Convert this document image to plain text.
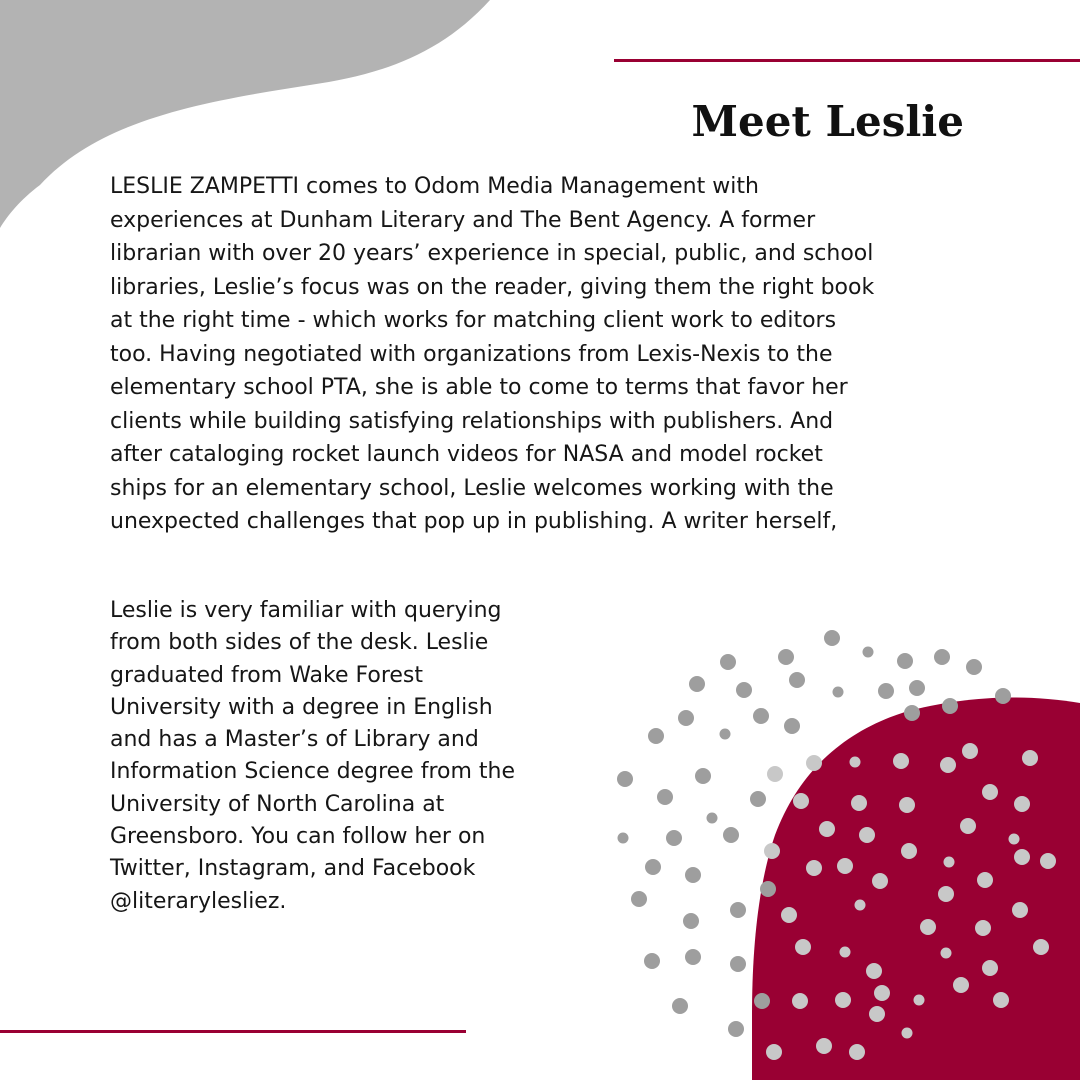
Meet Leslie

LESLIE ZAMPETTI comes to Odom Media Management with
experiences at Dunham Literary and The Bent Agency. A former
librarian with over 20 years’ experience in special, public, and school
libraries, Leslie’s focus was on the reader, giving them the right book
at the right time - which works for matching client work to editors
too. Having negotiated with organizations from Lexis-Nexis to the
elementary school PTA, she is able to come to terms that favor her
clients while building satisfying relationships with publishers. And
after cataloging rocket launch videos for NASA and model rocket
ships for an elementary school, Leslie welcomes working with the
unexpected challenges that pop up in publishing. A writer herself,

Leslie is very familiar with querying
from both sides of the desk. Leslie
graduated from Wake Forest
University with a degree in English
and has a Master’s of Library and
Information Science degree from the
University of North Carolina at
Greensboro. You can follow her on
Twitter, Instagram, and Facebook
@literarylesliez.
